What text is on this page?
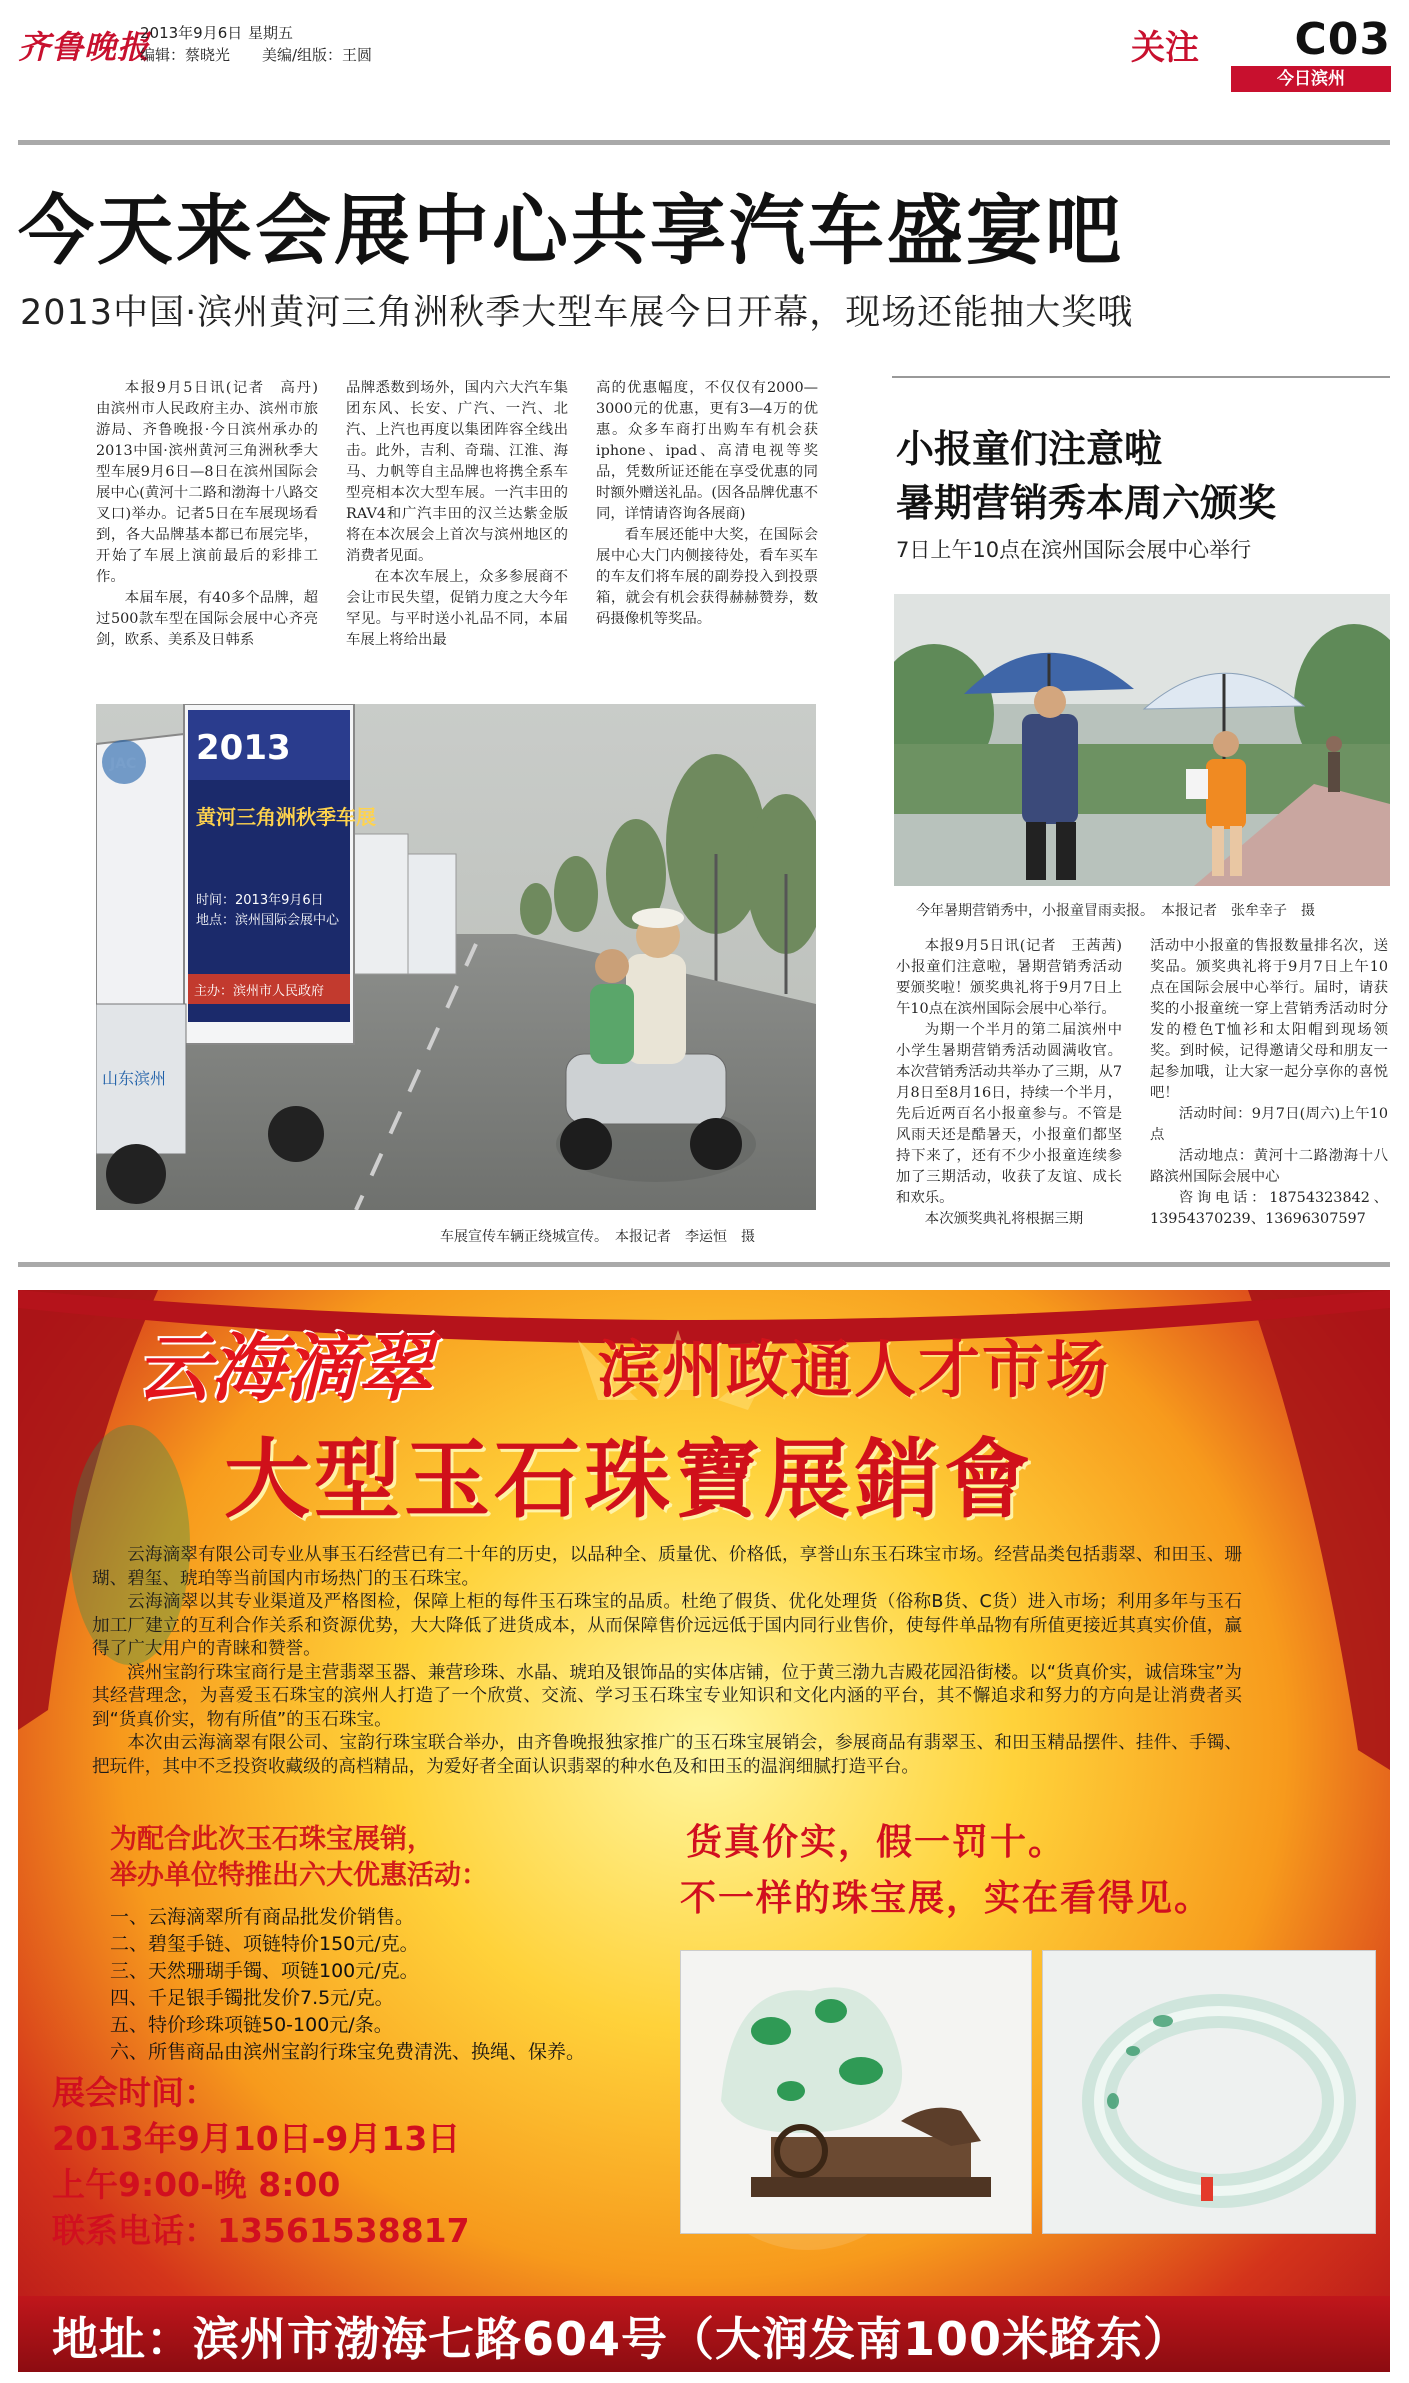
齐鲁晚报
2013年9月6日 星期五
编辑：蔡晓光 美编/组版：王圆	关注 C03
今日滨州
今天来会展中心共享汽车盛宴吧
2013中国·滨州黄河三角洲秋季大型车展今日开幕，现场还能抽大奖哦

本报9月5日讯(记者　高丹)　由滨州市人民政府主办、滨州市旅游局、齐鲁晚报·今日滨州承办的2013中国·滨州黄河三角洲秋季大型车展9月6日—8日在滨州国际会展中心(黄河十二路和渤海十八路交叉口)举办。记者5日在车展现场看到，各大品牌基本都已布展完毕，开始了车展上演前最后的彩排工作。

本届车展，有40多个品牌，超过500款车型在国际会展中心齐亮剑，欧系、美系及日韩系

品牌悉数到场外，国内六大汽车集团东风、长安、广汽、一汽、北汽、上汽也再度以集团阵容全线出击。此外，吉利、奇瑞、江淮、海马、力帆等自主品牌也将携全系车型亮相本次大型车展。一汽丰田的RAV4和广汽丰田的汉兰达紫金版将在本次展会上首次与滨州地区的消费者见面。

在本次车展上，众多参展商不会让市民失望，促销力度之大今年罕见。与平时送小礼品不同，本届车展上将给出最

高的优惠幅度，不仅仅有2000—3000元的优惠，更有3—4万的优惠。众多车商打出购车有机会获iphone、ipad、高清电视等奖品，凭数所证还能在享受优惠的同时额外赠送礼品。(因各品牌优惠不同，详情请咨询各展商)

看车展还能中大奖，在国际会展中心大门内侧接待处，看车买车的车友们将车展的副券投入到投票箱，就会有机会获得赫赫赞券，数码摄像机等奖品。

2013
黄河三角洲秋季车展
时间：2013年9月6日
地点：滨州国际会展中心
主办：滨州市人民政府
山东滨州
车展宣传车辆正绕城宣传。　本报记者　李运恒　摄
小报童们注意啦
暑期营销秀本周六颁奖
7日上午10点在滨州国际会展中心举行
今年暑期营销秀中，小报童冒雨卖报。　本报记者　张牟幸子　摄

本报9月5日讯(记者　王茜茜)　小报童们注意啦，暑期营销秀活动要颁奖啦！颁奖典礼将于9月7日上午10点在滨州国际会展中心举行。

为期一个半月的第二届滨州中小学生暑期营销秀活动圆满收官。本次营销秀活动共举办了三期，从7月8日至8月16日，持续一个半月，先后近两百名小报童参与。不管是风雨天还是酷暑天，小报童们都坚持下来了，还有不少小报童连续参加了三期活动，收获了友谊、成长和欢乐。

本次颁奖典礼将根据三期

活动中小报童的售报数量排名次，送奖品。颁奖典礼将于9月7日上午10点在国际会展中心举行。届时，请获奖的小报童统一穿上营销秀活动时分发的橙色T恤衫和太阳帽到现场领奖。到时候，记得邀请父母和朋友一起参加哦，让大家一起分享你的喜悦吧！

活动时间：9月7日(周六)上午10点

活动地点：黄河十二路渤海十八路滨州国际会展中心

咨询电话：18754323842、13954370239、13696307597

云海滴翠	滨州政通人才市场
大型玉石珠寶展銷會

云海滴翠有限公司专业从事玉石经营已有二十年的历史，以品种全、质量优、价格低，享誉山东玉石珠宝市场。经营品类包括翡翠、和田玉、珊瑚、碧玺、琥珀等当前国内市场热门的玉石珠宝。

云海滴翠以其专业渠道及严格图检，保障上柜的每件玉石珠宝的品质。杜绝了假货、优化处理货（俗称B货、C货）进入市场；利用多年与玉石加工厂建立的互利合作关系和资源优势，大大降低了进货成本，从而保障售价远远低于国内同行业售价，使每件单品物有所值更接近其真实价值，赢得了广大用户的青睐和赞誉。

滨州宝韵行珠宝商行是主营翡翠玉器、兼营珍珠、水晶、琥珀及银饰品的实体店铺，位于黄三渤九吉殿花园沿街楼。以“货真价实，诚信珠宝”为其经营理念，为喜爱玉石珠宝的滨州人打造了一个欣赏、交流、学习玉石珠宝专业知识和文化内涵的平台，其不懈追求和努力的方向是让消费者买到“货真价实，物有所值”的玉石珠宝。

本次由云海滴翠有限公司、宝韵行珠宝联合举办，由齐鲁晚报独家推广的玉石珠宝展销会，参展商品有翡翠玉、和田玉精品摆件、挂件、手镯、把玩件，其中不乏投资收藏级的高档精品，为爱好者全面认识翡翠的种水色及和田玉的温润细腻打造平台。

为配合此次玉石珠宝展销，
举办单位特推出六大优惠活动：
一、云海滴翠所有商品批发价销售。
二、碧玺手链、项链特价150元/克。
三、天然珊瑚手镯、项链100元/克。
四、千足银手镯批发价7.5元/克。
五、特价珍珠项链50-100元/条。
六、所售商品由滨州宝韵行珠宝免费清洗、换绳、保养。
货真价实，假一罚十。
不一样的珠宝展，实在看得见。
展会时间：
2013年9月10日-9月13日
上午9:00-晚 8:00
联系电话：13561538817
地址：滨州市渤海七路604号（大润发南100米路东）
